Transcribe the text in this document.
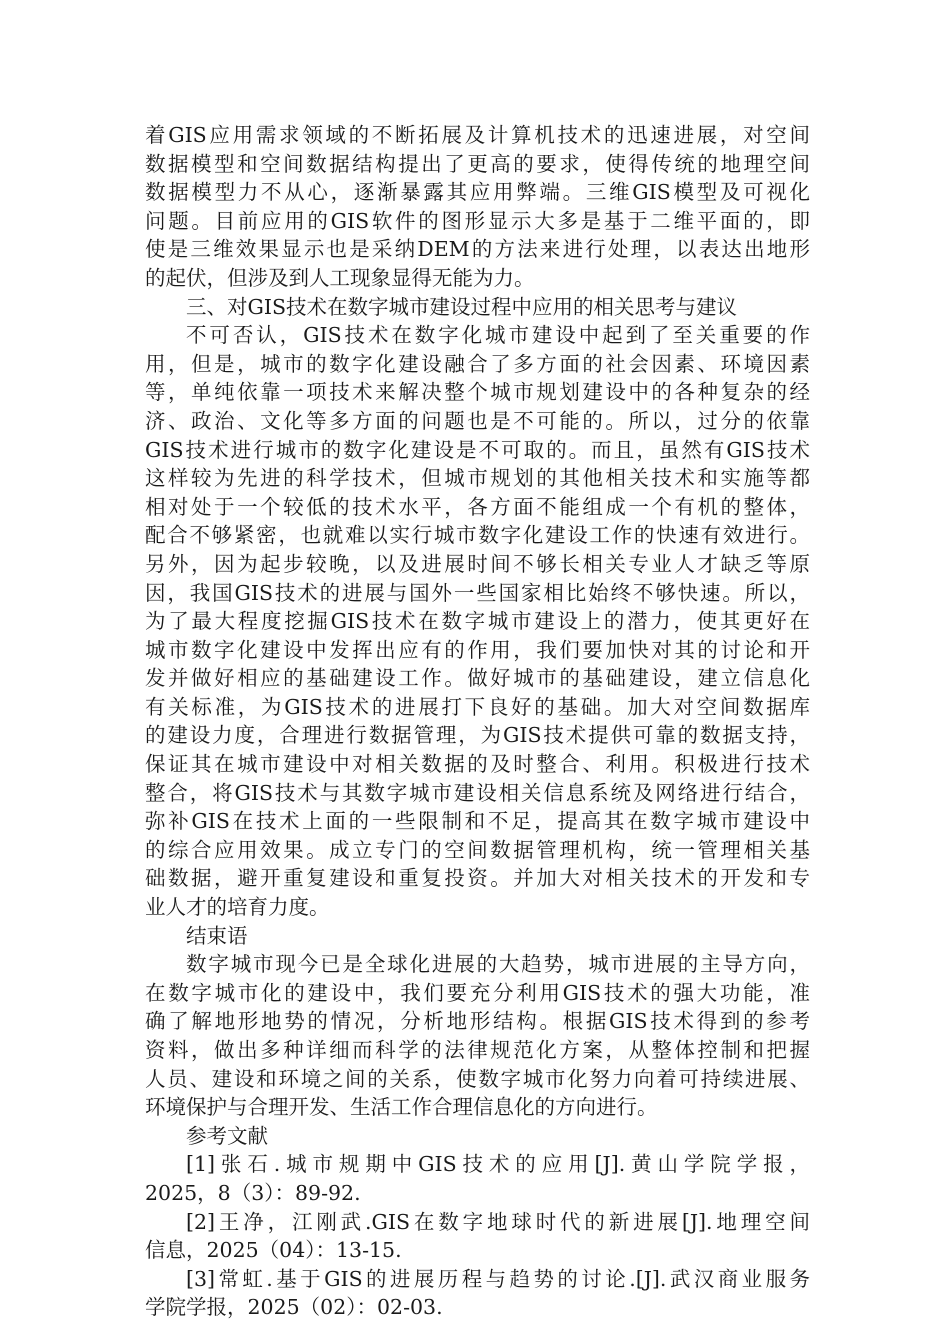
着GIS应用需求领域的不断拓展及计算机技术的迅速进展，对空间
数据模型和空间数据结构提出了更高的要求，使得传统的地理空间
数据模型力不从心，逐渐暴露其应用弊端。三维GIS模型及可视化
问题。目前应用的GIS软件的图形显示大多是基于二维平面的，即
使是三维效果显示也是采纳DEM的方法来进行处理，以表达出地形
的起伏，但涉及到人工现象显得无能为力。
三、对GIS技术在数字城市建设过程中应用的相关思考与建议
不可否认，GIS技术在数字化城市建设中起到了至关重要的作
用，但是，城市的数字化建设融合了多方面的社会因素、环境因素
等，单纯依靠一项技术来解决整个城市规划建设中的各种复杂的经
济、政治、文化等多方面的问题也是不可能的。所以，过分的依靠
GIS技术进行城市的数字化建设是不可取的。而且，虽然有GIS技术
这样较为先进的科学技术，但城市规划的其他相关技术和实施等都
相对处于一个较低的技术水平，各方面不能组成一个有机的整体，
配合不够紧密，也就难以实行城市数字化建设工作的快速有效进行。
另外，因为起步较晚，以及进展时间不够长相关专业人才缺乏等原
因，我国GIS技术的进展与国外一些国家相比始终不够快速。所以，
为了最大程度挖掘GIS技术在数字城市建设上的潜力，使其更好在
城市数字化建设中发挥出应有的作用，我们要加快对其的讨论和开
发并做好相应的基础建设工作。做好城市的基础建设，建立信息化
有关标准，为GIS技术的进展打下良好的基础。加大对空间数据库
的建设力度，合理进行数据管理，为GIS技术提供可靠的数据支持，
保证其在城市建设中对相关数据的及时整合、利用。积极进行技术
整合，将GIS技术与其数字城市建设相关信息系统及网络进行结合，
弥补GIS在技术上面的一些限制和不足，提高其在数字城市建设中
的综合应用效果。成立专门的空间数据管理机构，统一管理相关基
础数据，避开重复建设和重复投资。并加大对相关技术的开发和专
业人才的培育力度。
结束语
数字城市现今已是全球化进展的大趋势，城市进展的主导方向，
在数字城市化的建设中，我们要充分利用GIS技术的强大功能，准
确了解地形地势的情况，分析地形结构。根据GIS技术得到的参考
资料，做出多种详细而科学的法律规范化方案，从整体控制和把握
人员、建设和环境之间的关系，使数字城市化努力向着可持续进展、
环境保护与合理开发、生活工作合理信息化的方向进行。
参考文献
[1]张石.城市规期中GIS技术的应用[J].黄山学院学报，
2025，8（3）：89-92.
[2]王净，江刚武.GIS在数字地球时代的新进展[J].地理空间
信息，2025（04）：13-15.
[3]常虹.基于GIS的进展历程与趋势的讨论.[J].武汉商业服务
学院学报，2025（02）：02-03.
